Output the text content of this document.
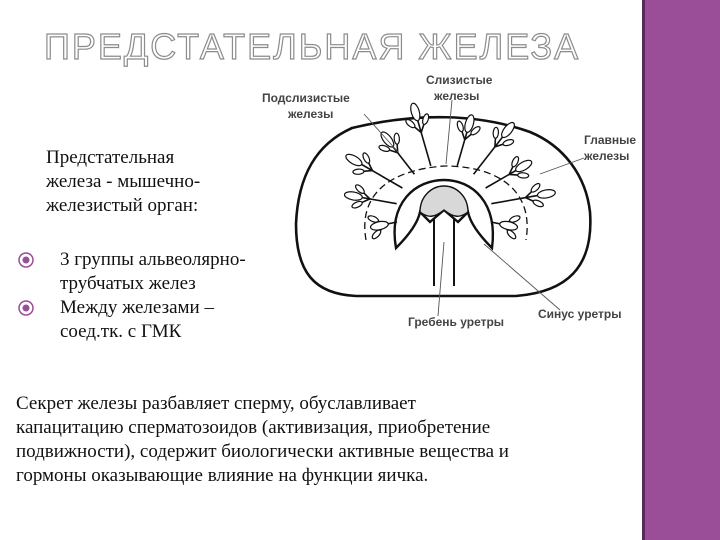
ПРЕДСТАТЕЛЬНАЯ ЖЕЛЕЗА
Подслизистые железы
Слизистые железы
Главные железы
Гребень уретры
Синус уретры
Предстательная
железа - мышечно-
железистый орган:
3 группы альвеолярно-
трубчатых желез
Между железами –
соед.тк. с ГМК
Секрет железы разбавляет сперму, обуславливает
капацитацию сперматозоидов (активизация, приобретение
подвижности), содержит биологически активные вещества и
гормоны оказывающие влияние на функции яичка.
